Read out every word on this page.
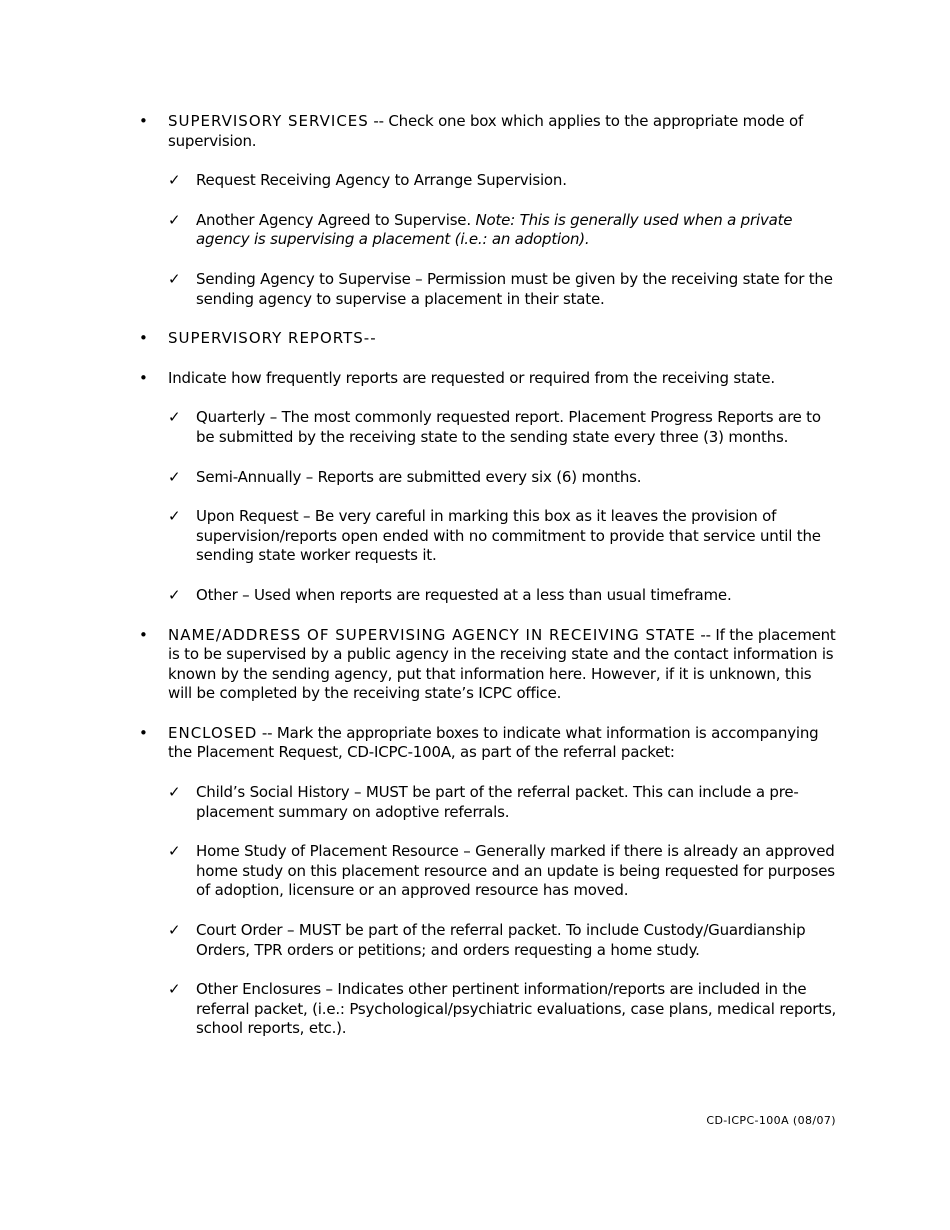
• SUPERVISORY SERVICES -- Check one box which applies to the appropriate mode of supervision.
✓ Request Receiving Agency to Arrange Supervision.
✓ Another Agency Agreed to Supervise. Note: This is generally used when a private agency is supervising a placement (i.e.: an adoption).
✓ Sending Agency to Supervise – Permission must be given by the receiving state for the sending agency to supervise a placement in their state.
• SUPERVISORY REPORTS--
• Indicate how frequently reports are requested or required from the receiving state.
✓ Quarterly – The most commonly requested report. Placement Progress Reports are to be submitted by the receiving state to the sending state every three (3) months.
✓ Semi-Annually – Reports are submitted every six (6) months.
✓ Upon Request – Be very careful in marking this box as it leaves the provision of supervision/reports open ended with no commitment to provide that service until the sending state worker requests it.
✓ Other – Used when reports are requested at a less than usual timeframe.
• NAME/ADDRESS OF SUPERVISING AGENCY IN RECEIVING STATE -- If the placement is to be supervised by a public agency in the receiving state and the contact information is known by the sending agency, put that information here. However, if it is unknown, this will be completed by the receiving state’s ICPC office.
• ENCLOSED -- Mark the appropriate boxes to indicate what information is accompanying the Placement Request, CD-ICPC-100A, as part of the referral packet:
✓ Child’s Social History – MUST be part of the referral packet. This can include a pre-placement summary on adoptive referrals.
✓ Home Study of Placement Resource – Generally marked if there is already an approved home study on this placement resource and an update is being requested for purposes of adoption, licensure or an approved resource has moved.
✓ Court Order – MUST be part of the referral packet. To include Custody/Guardianship Orders, TPR orders or petitions; and orders requesting a home study.
✓ Other Enclosures – Indicates other pertinent information/reports are included in the referral packet, (i.e.: Psychological/psychiatric evaluations, case plans, medical reports, school reports, etc.).
CD-ICPC-100A (08/07)
